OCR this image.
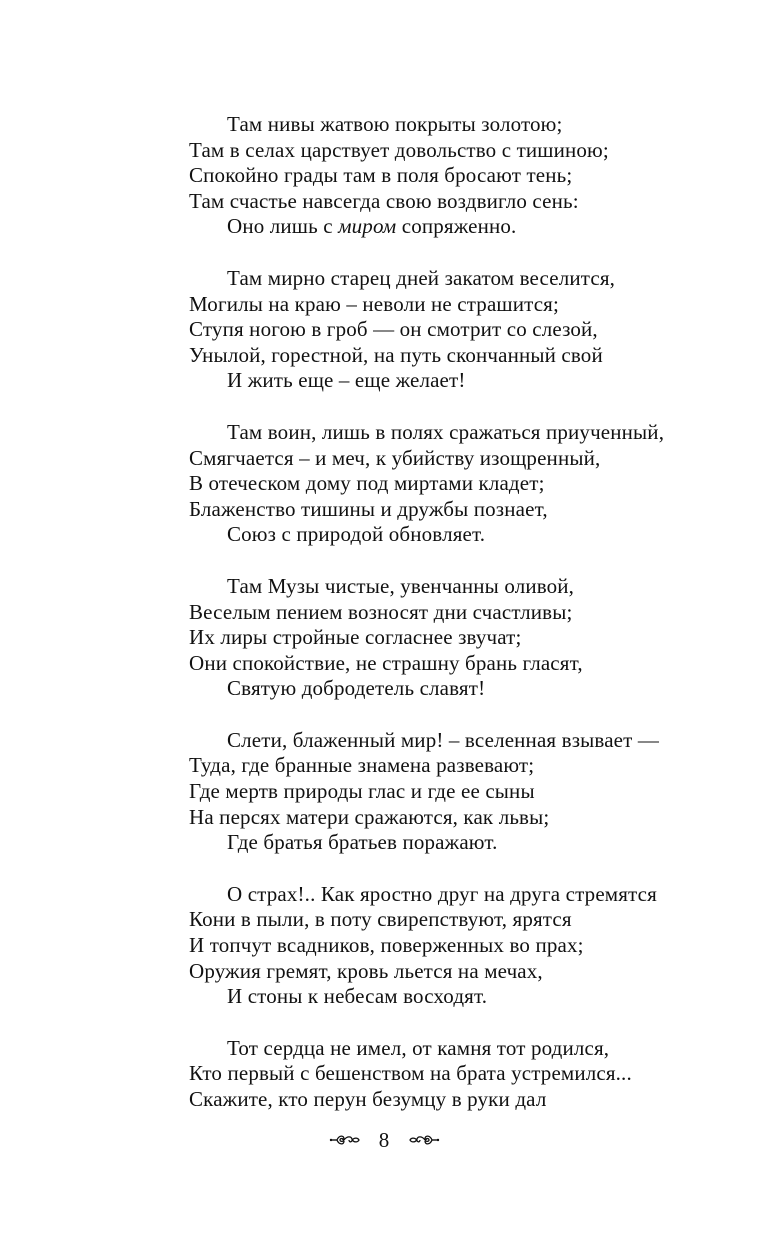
Там нивы жатвою покрыты золотою;
Там в селах царствует довольство с тишиною;
Спокойно грады там в поля бросают тень;
Там счастье навсегда свою воздвигло сень:
Оно лишь с миром сопряженно.
Там мирно старец дней закатом веселится,
Могилы на краю – неволи не страшится;
Ступя ногою в гроб — он смотрит со слезой,
Унылой, горестной, на путь скончанный свой
И жить еще – еще желает!
Там воин, лишь в полях сражаться приученный,
Смягчается – и меч, к убийству изощренный,
В отеческом дому под миртами кладет;
Блаженство тишины и дружбы познает,
Союз с природой обновляет.
Там Музы чистые, увенчанны оливой,
Веселым пением возносят дни счастливы;
Их лиры стройные согласнее звучат;
Они спокойствие, не страшну брань гласят,
Святую добродетель славят!
Слети, блаженный мир! – вселенная взывает —
Туда, где бранные знамена развевают;
Где мертв природы глас и где ее сыны
На персях матери сражаются, как львы;
Где братья братьев поражают.
О страх!.. Как яростно друг на друга стремятся
Кони в пыли, в поту свирепствуют, ярятся
И топчут всадников, поверженных во прах;
Оружия гремят, кровь льется на мечах,
И стоны к небесам восходят.
Тот сердца не имел, от камня тот родился,
Кто первый с бешенством на брата устремился...
Скажите, кто перун безумцу в руки дал
8
